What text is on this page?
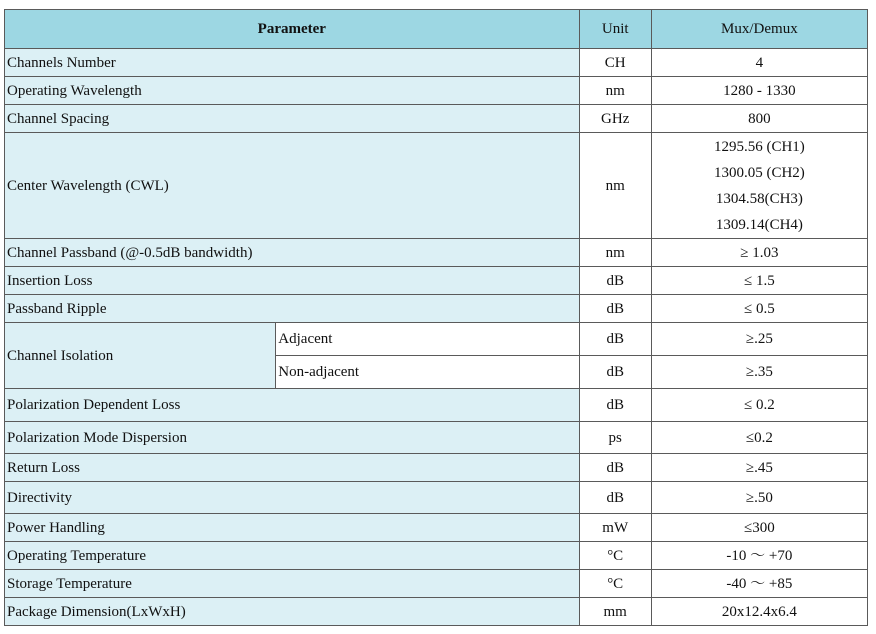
Parameter		Unit	Mux/Demux
Channels Number		CH	4
Operating Wavelength		nm	1280 - 1330
Channel Spacing		GHz	800
Center Wavelength (CWL)		nm	1295.56 (CH1)
1300.05 (CH2)
1304.58(CH3)
1309.14(CH4)

Channel Passband (@-0.5dB bandwidth)		nm	≥ 1.03
Insertion Loss		dB	≤ 1.5
Passband Ripple		dB	≤ 0.5
Channel Isolation	Adjacent	dB	≥.25
	Non-adjacent	dB	≥.35
Polarization Dependent Loss		dB	≤ 0.2
Polarization Mode Dispersion		ps	≤0.2
Return Loss		dB	≥.45
Directivity		dB	≥.50
Power Handling		mW	≤300
Operating Temperature		°C	-10 ～ +70
Storage Temperature		°C	-40 ～ +85
Package Dimension(LxWxH)		mm	20x12.4x6.4
